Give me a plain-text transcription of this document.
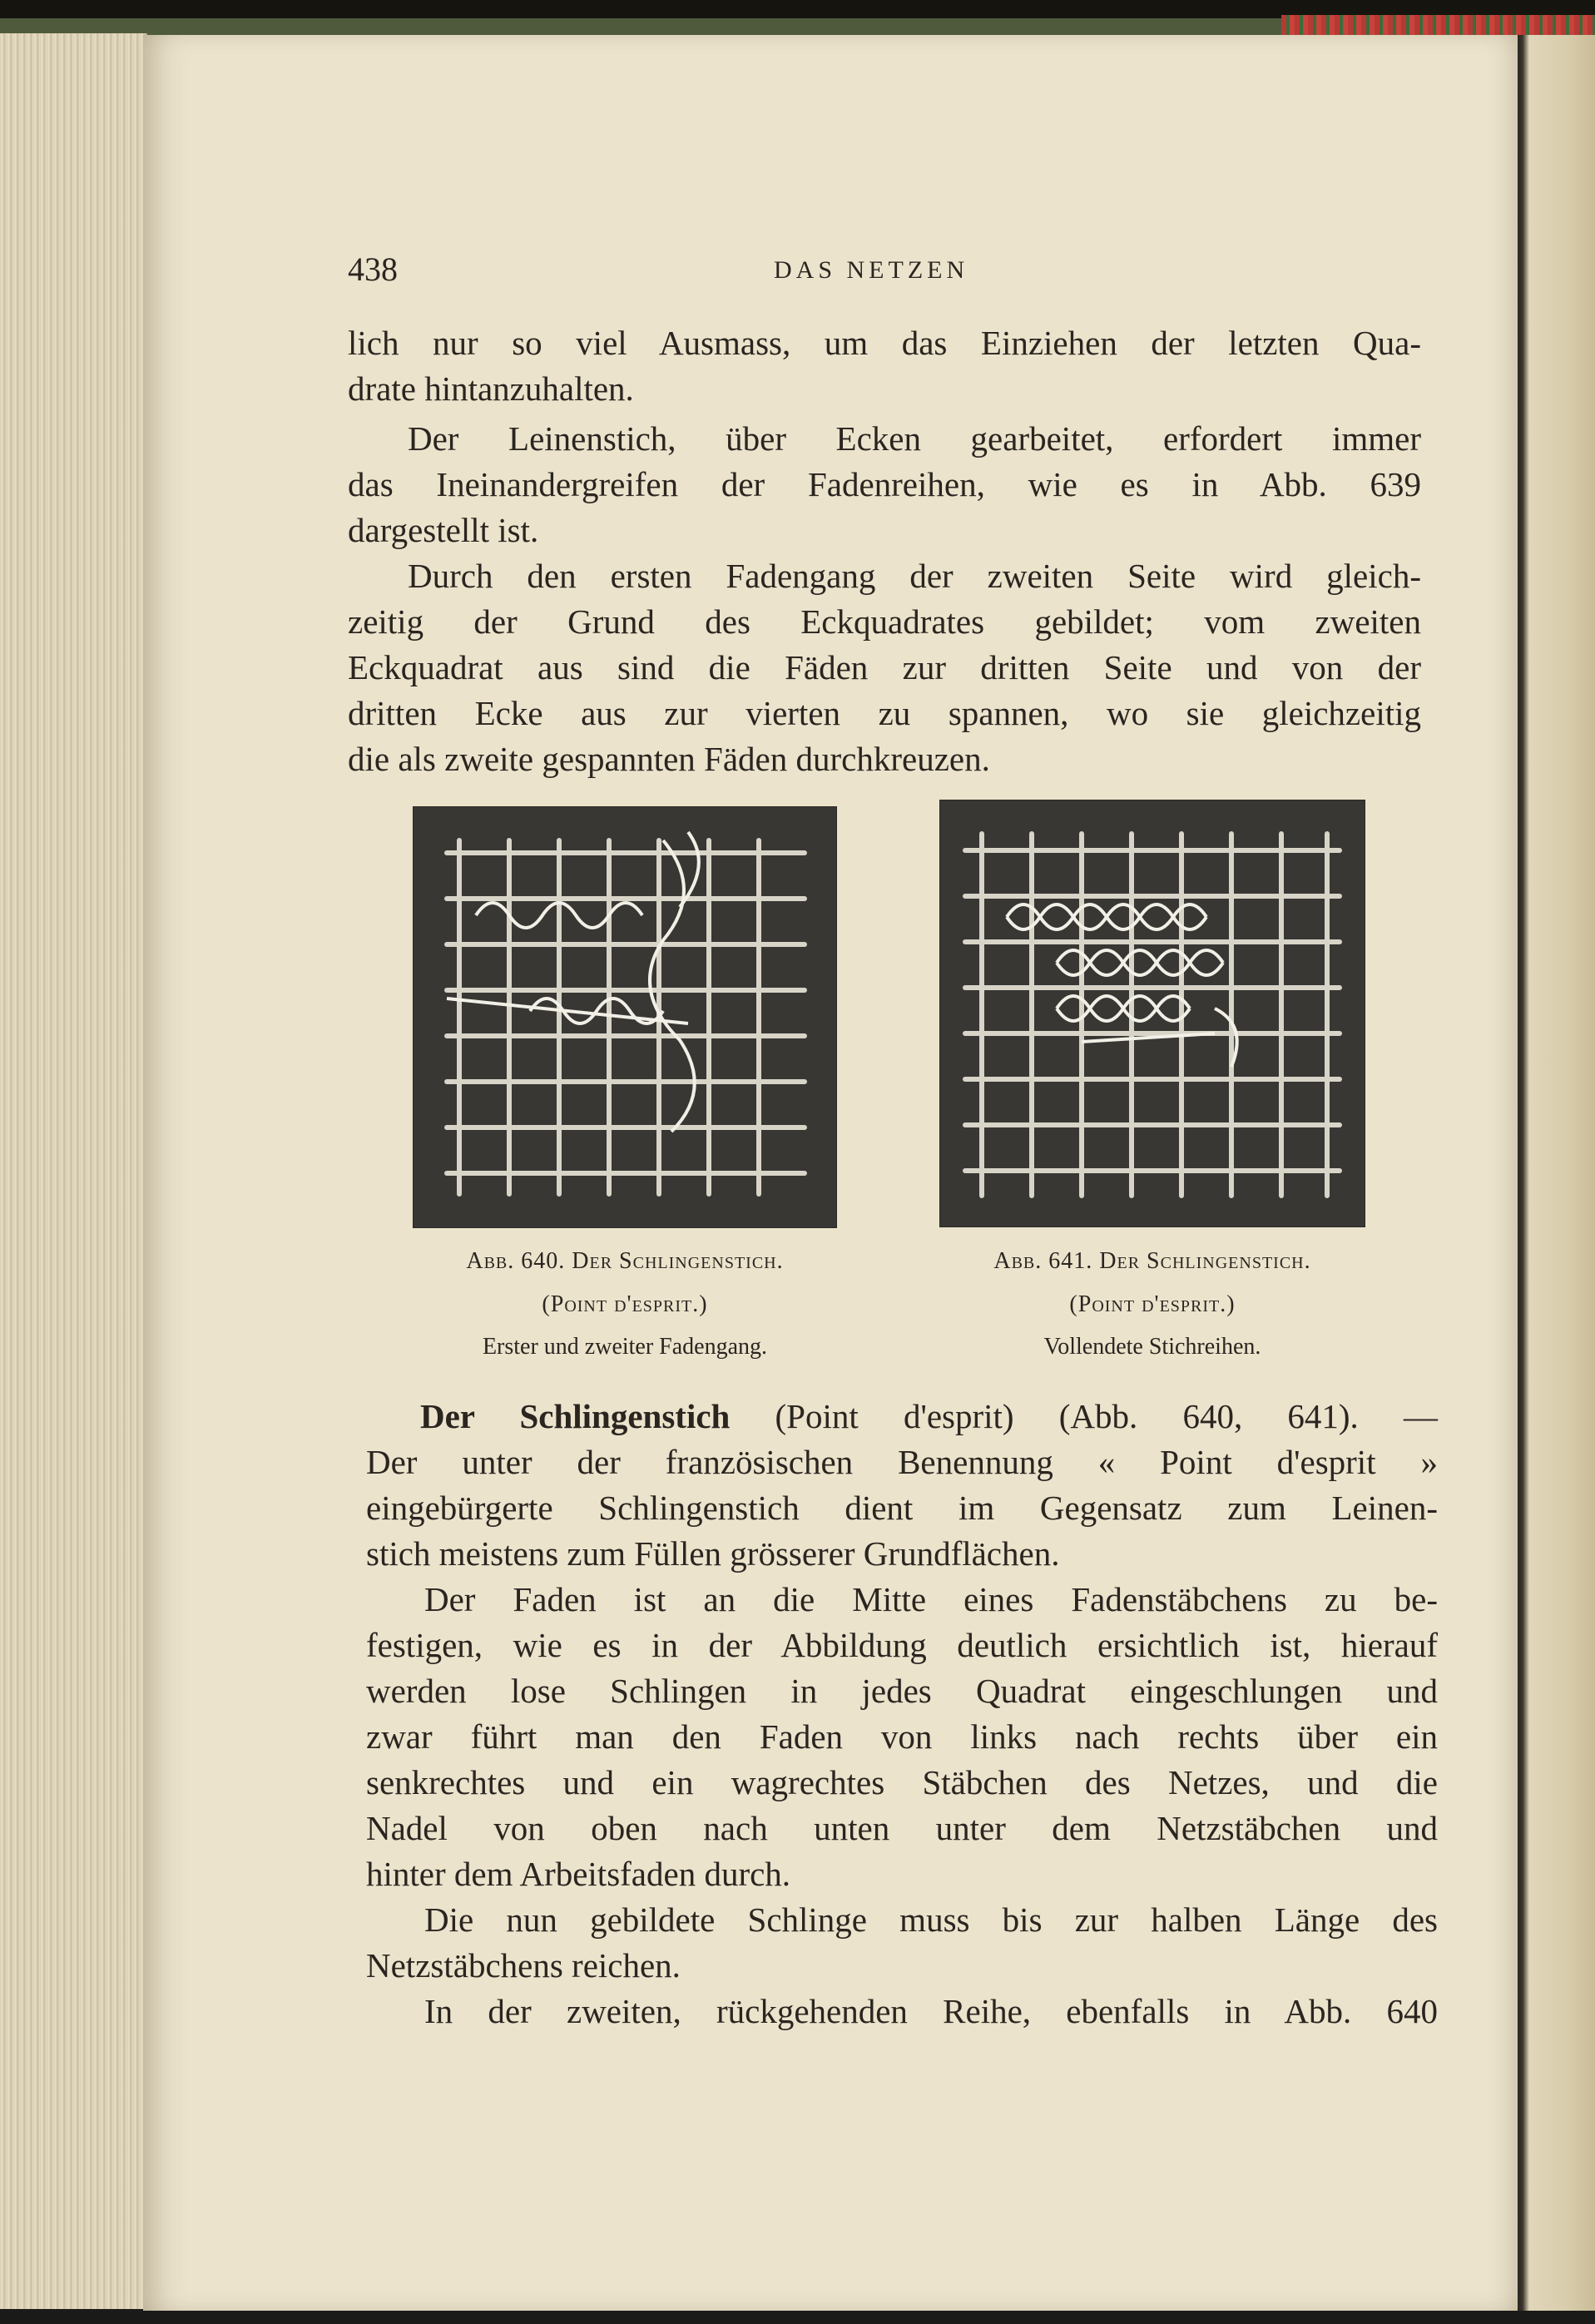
438	DAS NETZEN
lich nur so viel Ausmass, um das Einziehen der letzten Qua-
drate hintanzuhalten.
Der Leinenstich, über Ecken gearbeitet, erfordert immer
das Ineinandergreifen der Fadenreihen, wie es in Abb. 639
dargestellt ist.
Durch den ersten Fadengang der zweiten Seite wird gleich-
zeitig der Grund des Eckquadrates gebildet; vom zweiten
Eckquadrat aus sind die Fäden zur dritten Seite und von der
dritten Ecke aus zur vierten zu spannen, wo sie gleichzeitig
die als zweite gespannten Fäden durchkreuzen.
Abb. 640. Der Schlingenstich.
(Point d'esprit.)
Erster und zweiter Fadengang.
Abb. 641. Der Schlingenstich.
(Point d'esprit.)
Vollendete Stichreihen.
Der Schlingenstich (Point d'esprit) (Abb. 640, 641). —
Der unter der französischen Benennung « Point d'esprit »
eingebürgerte Schlingenstich dient im Gegensatz zum Leinen-
stich meistens zum Füllen grösserer Grundflächen.
Der Faden ist an die Mitte eines Fadenstäbchens zu be-
festigen, wie es in der Abbildung deutlich ersichtlich ist, hierauf
werden lose Schlingen in jedes Quadrat eingeschlungen und
zwar führt man den Faden von links nach rechts über ein
senkrechtes und ein wagrechtes Stäbchen des Netzes, und die
Nadel von oben nach unten unter dem Netzstäbchen und
hinter dem Arbeitsfaden durch.
Die nun gebildete Schlinge muss bis zur halben Länge des
Netzstäbchens reichen.
In der zweiten, rückgehenden Reihe, ebenfalls in Abb. 640
